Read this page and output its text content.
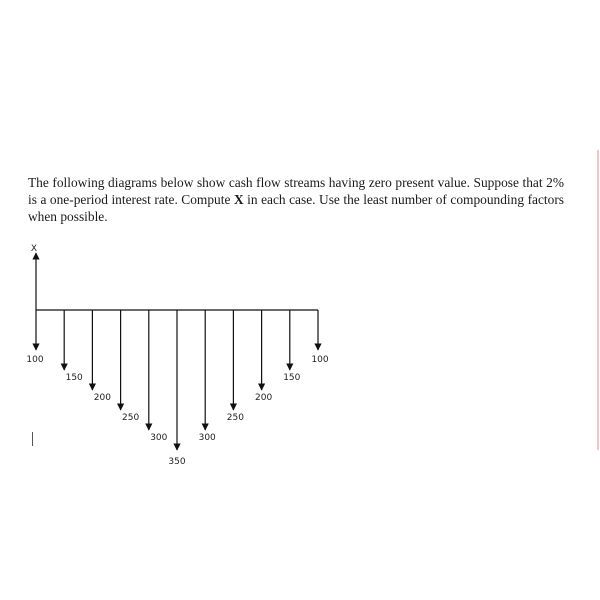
The following diagrams below show cash flow streams having zero present value. Suppose that 2% is a one-period interest rate. Compute X in each case. Use the least number of compounding factors when possible.

X
100
150
200
250
300
350
300
250
200
150
100
